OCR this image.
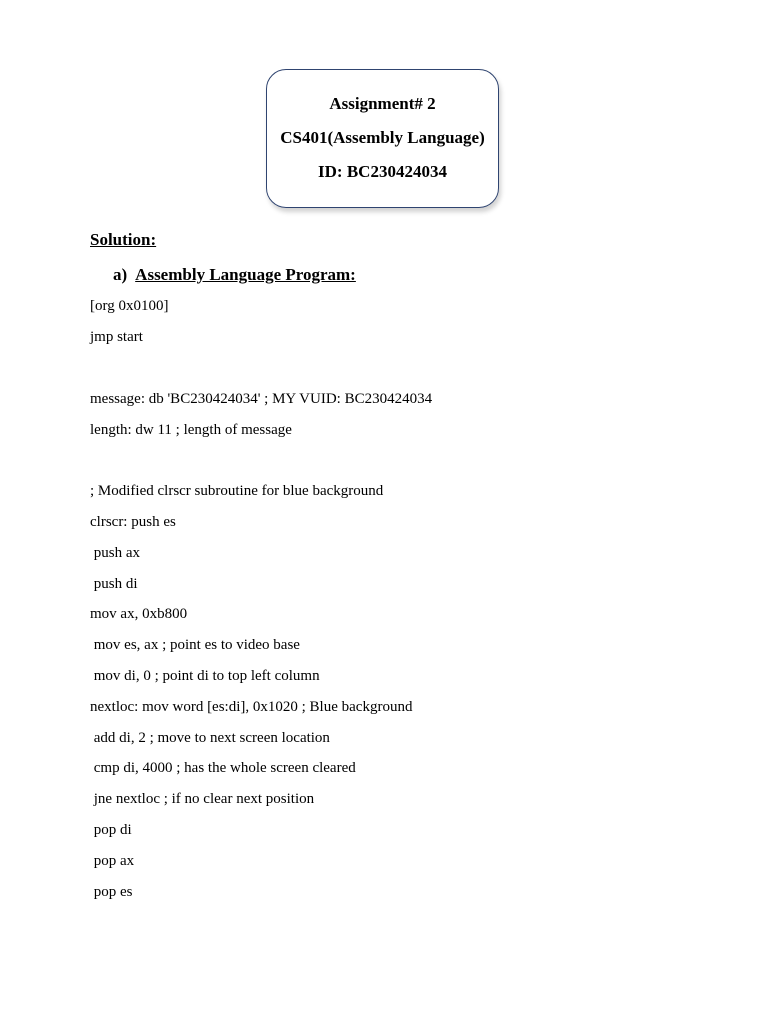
Assignment# 2
CS401(Assembly Language)
ID: BC230424034
Solution:
a) Assembly Language Program:
[org 0x0100]
jmp start
message: db 'BC230424034' ; MY VUID: BC230424034
length: dw 11 ; length of message
; Modified clrscr subroutine for blue background
clrscr: push es
push ax
push di
mov ax, 0xb800
mov es, ax ; point es to video base
mov di, 0 ; point di to top left column
nextloc: mov word [es:di], 0x1020 ; Blue background
add di, 2 ; move to next screen location
cmp di, 4000 ; has the whole screen cleared
jne nextloc ; if no clear next position
pop di
pop ax
pop es
